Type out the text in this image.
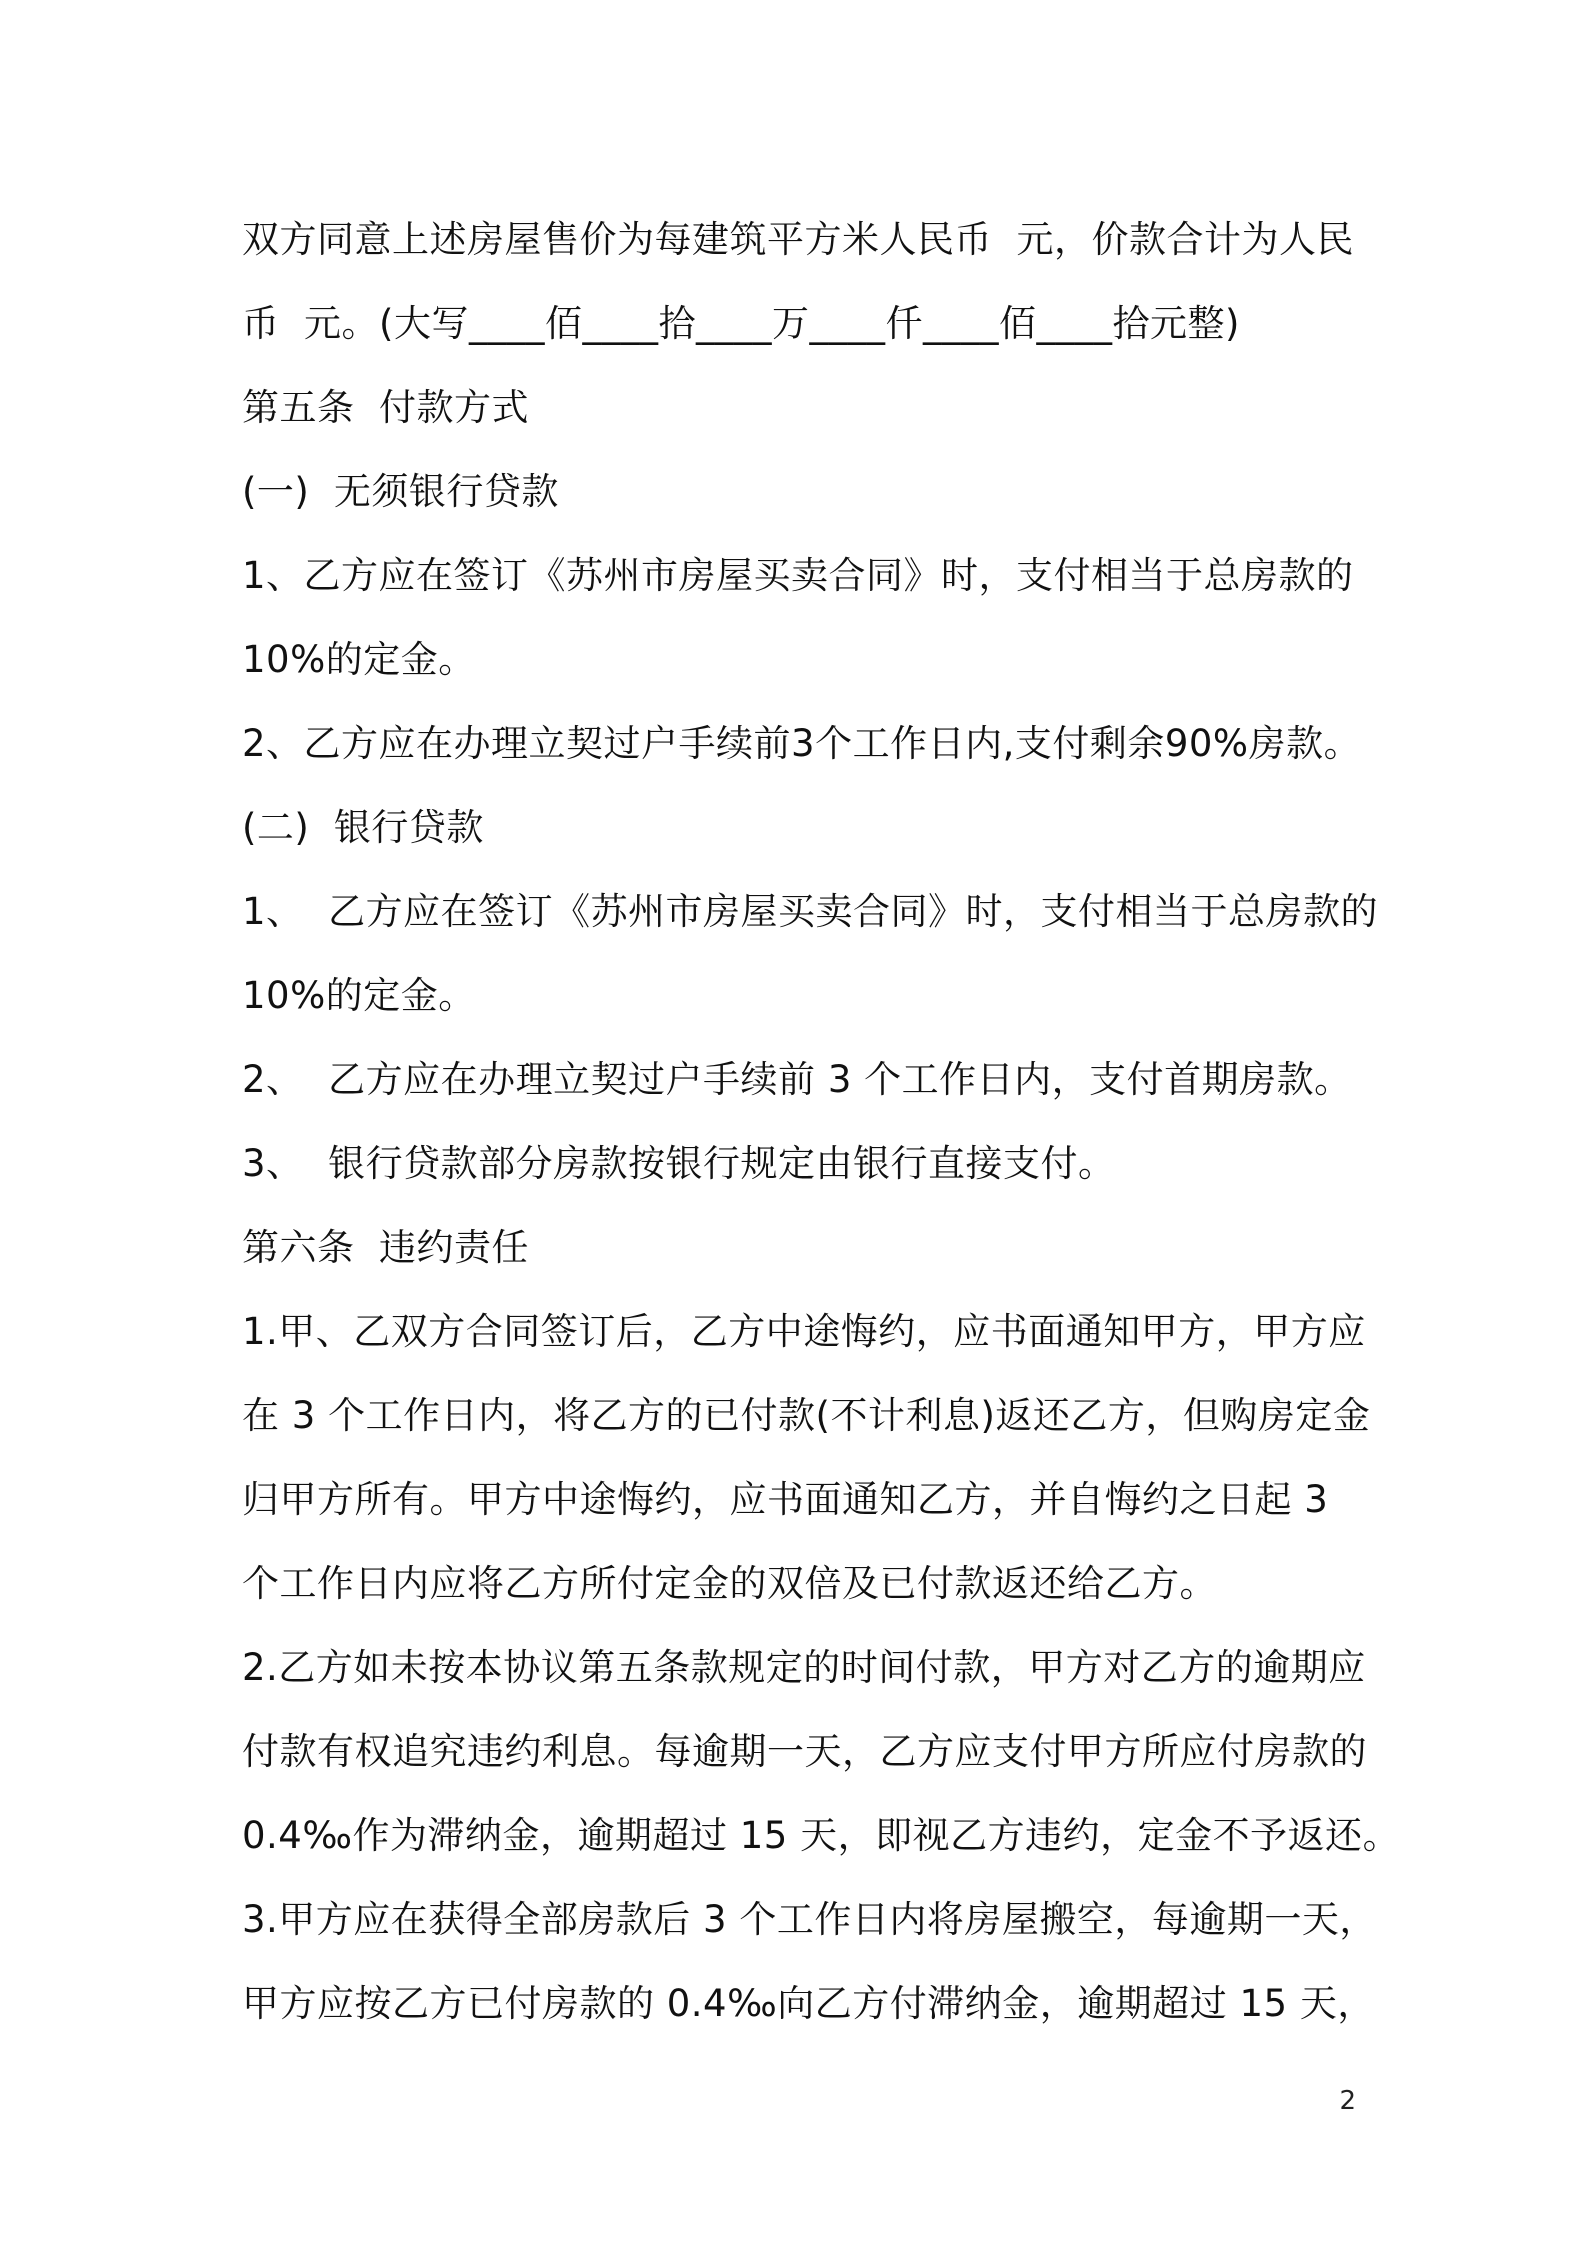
双方同意上述房屋售价为每建筑平方米人民币  元，价款合计为人民
币  元。(大写____佰____拾____万____仟____佰____拾元整)
第五条  付款方式
(一)  无须银行贷款
1、乙方应在签订《苏州市房屋买卖合同》时，支付相当于总房款的
10%的定金。
2、乙方应在办理立契过户手续前3个工作日内,支付剩余90%房款。
(二)  银行贷款
1、  乙方应在签订《苏州市房屋买卖合同》时，支付相当于总房款的
10%的定金。
2、  乙方应在办理立契过户手续前 3 个工作日内，支付首期房款。
3、  银行贷款部分房款按银行规定由银行直接支付。
第六条  违约责任
1.甲、乙双方合同签订后，乙方中途悔约，应书面通知甲方，甲方应
在 3 个工作日内，将乙方的已付款(不计利息)返还乙方，但购房定金
归甲方所有。甲方中途悔约，应书面通知乙方，并自悔约之日起 3
个工作日内应将乙方所付定金的双倍及已付款返还给乙方。
2.乙方如未按本协议第五条款规定的时间付款，甲方对乙方的逾期应
付款有权追究违约利息。每逾期一天，乙方应支付甲方所应付房款的
0.4‰作为滞纳金，逾期超过 15 天，即视乙方违约，定金不予返还。
3.甲方应在获得全部房款后 3 个工作日内将房屋搬空，每逾期一天，
甲方应按乙方已付房款的 0.4‰向乙方付滞纳金，逾期超过 15 天，
2
